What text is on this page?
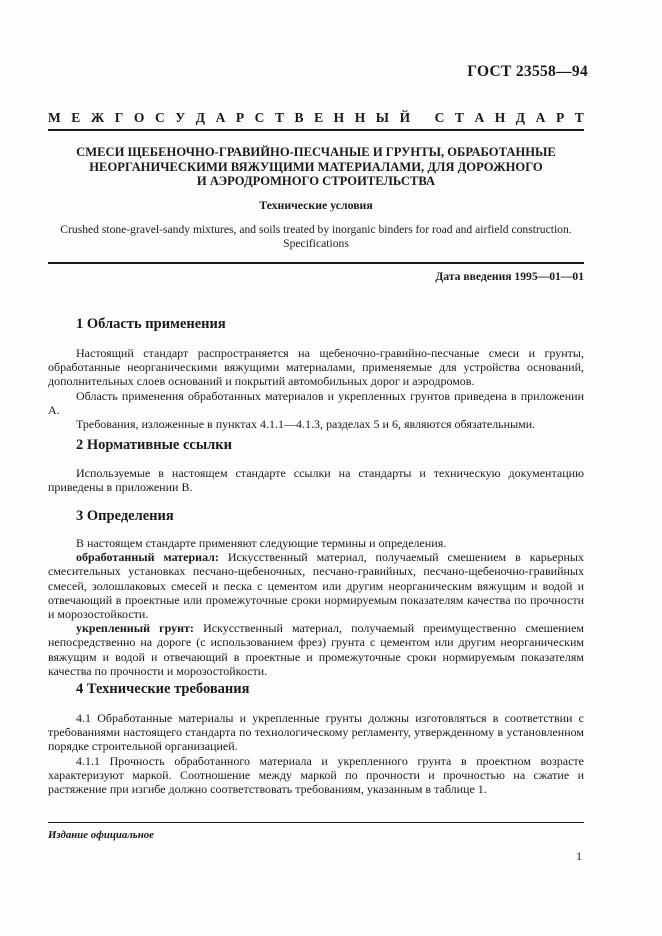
ГОСТ 23558—94
М Е Ж Г О С У Д А Р С Т В Е Н Н Ы Й
С Т А Н Д А Р Т
СМЕСИ ЩЕБЕНОЧНО-ГРАВИЙНО-ПЕСЧАНЫЕ И ГРУНТЫ, ОБРАБОТАННЫЕ
НЕОРГАНИЧЕСКИМИ ВЯЖУЩИМИ МАТЕРИАЛАМИ, ДЛЯ ДОРОЖНОГО
И АЭРОДРОМНОГО СТРОИТЕЛЬСТВА
Технические условия
Crushed stone-gravel-sandy mixtures, and soils treated by inorganic binders for road and airfield construction.
Specifications
Дата введения 1995—01—01
1 Область применения

Настоящий стандарт распространяется на щебеночно-гравийно-песчаные смеси и грунты, обработанные неорганическими вяжущими материалами, применяемые для устройства оснований, дополнительных слоев оснований и покрытий автомобильных дорог и аэродромов.

Область применения обработанных материалов и укрепленных грунтов приведена в приложении А.

Требования, изложенные в пунктах 4.1.1—4.1.3, разделах 5 и 6, являются обязательными.

2 Нормативные ссылки

Используемые в настоящем стандарте ссылки на стандарты и техническую документацию приведены в приложении В.

3 Определения

В настоящем стандарте применяют следующие термины и определения.

обработанный материал: Искусственный материал, получаемый смешением в карьерных смесительных установках песчано-щебеночных, песчано-гравийных, песчано-щебеночно-гравийных смесей, золошлаковых смесей и песка с цементом или другим неорганическим вяжущим и водой и отвечающий в проектные или промежуточные сроки нормируемым показателям качества по прочности и морозостойкости.

укрепленный грунт: Искусственный материал, получаемый преимущественно смешением непосредственно на дороге (с использованием фрез) грунта с цементом или другим неорганическим вяжущим и водой и отвечающий в проектные и промежуточные сроки нормируемым показателям качества по прочности и морозостойкости.

4 Технические требования

4.1 Обработанные материалы и укрепленные грунты должны изготовляться в соответствии с требованиями настоящего стандарта по технологическому регламенту, утвержденному в установленном порядке строительной организацией.

4.1.1 Прочность обработанного материала и укрепленного грунта в проектном возрасте характеризуют маркой. Соотношение между маркой по прочности и прочностью на сжатие и растяжение при изгибе должно соответствовать требованиям, указанным в таблице 1.

Издание официальное
1
